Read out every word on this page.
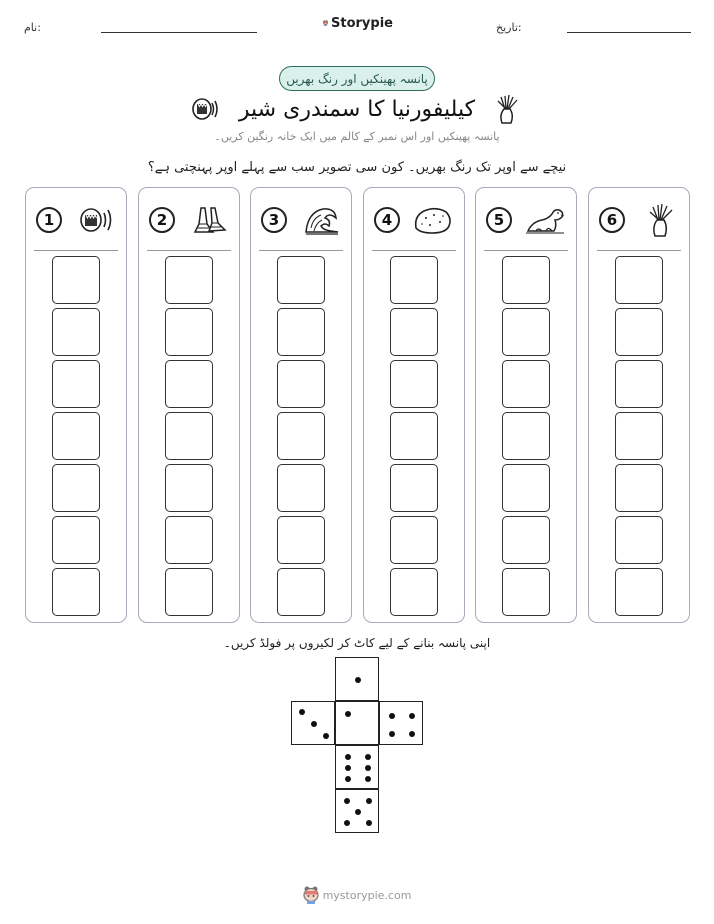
نام:	Storypie	تاریخ:
پانسہ پھینکیں اور رنگ بھریں
کیلیفورنیا کا سمندری شیر
پانسہ پھینکیں اور اس نمبر کے کالم میں ایک خانہ رنگین کریں۔
نیچے سے اوپر تک رنگ بھریں۔ کون سی تصویر سب سے پہلے اوپر پہنچتی ہے؟
1	2	3	4	5	6
اپنی پانسہ بنانے کے لیے کاٹ کر لکیروں پر فولڈ کریں۔
mystorypie.com
